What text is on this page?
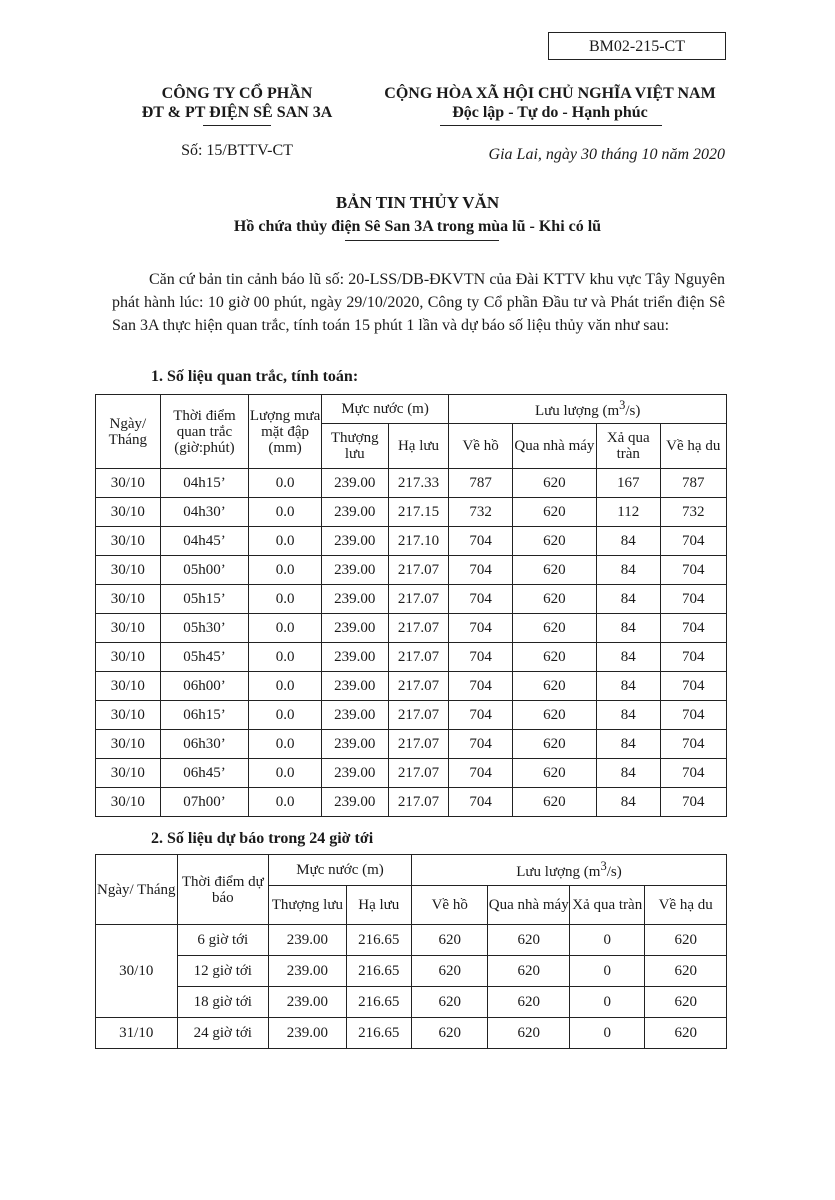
BM02-215-CT
CÔNG TY CỔ PHẦN
ĐT & PT ĐIỆN SÊ SAN 3A
CỘNG HÒA XÃ HỘI CHỦ NGHĨA VIỆT NAM
Độc lập - Tự do - Hạnh phúc
Số: 15/BTTV-CT	Gia Lai, ngày 30 tháng 10 năm 2020
BẢN TIN THỦY VĂN
Hồ chứa thủy điện Sê San 3A trong mùa lũ - Khi có lũ
Căn cứ bản tin cảnh báo lũ số: 20-LSS/DB-ĐKVTN của Đài KTTV khu vực Tây Nguyên phát hành lúc: 10 giờ 00 phút, ngày 29/10/2020, Công ty Cổ phần Đầu tư và Phát triển điện Sê San 3A thực hiện quan trắc, tính toán 15 phút 1 lần và dự báo số liệu thủy văn như sau:
1. Số liệu quan trắc, tính toán:
Ngày/ Tháng	Thời điểm quan trắc (giờ:phút)	Lượng mưa mặt đập (mm)	Mực nước (m)		Lưu lượng $(m^3/s)$			
			Thượng lưu	Hạ lưu	Về hồ	Qua nhà máy	Xả qua tràn	Về hạ du
30/10	04h15’	0.0	239.00	217.33	787	620	167	787
30/10	04h30’	0.0	239.00	217.15	732	620	112	732
30/10	04h45’	0.0	239.00	217.10	704	620	84	704
30/10	05h00’	0.0	239.00	217.07	704	620	84	704
30/10	05h15’	0.0	239.00	217.07	704	620	84	704
30/10	05h30’	0.0	239.00	217.07	704	620	84	704
30/10	05h45’	0.0	239.00	217.07	704	620	84	704
30/10	06h00’	0.0	239.00	217.07	704	620	84	704
30/10	06h15’	0.0	239.00	217.07	704	620	84	704
30/10	06h30’	0.0	239.00	217.07	704	620	84	704
30/10	06h45’	0.0	239.00	217.07	704	620	84	704
30/10	07h00’	0.0	239.00	217.07	704	620	84	704
2. Số liệu dự báo trong 24 giờ tới
Ngày/ Tháng	Thời điểm dự báo	Mực nước (m)		Lưu lượng $(m^3/s)$			
		Thượng lưu	Hạ lưu	Về hồ	Qua nhà máy	Xả qua tràn	Về hạ du
30/10	6 giờ tới	239.00	216.65	620	620	0	620
	12 giờ tới	239.00	216.65	620	620	0	620
	18 giờ tới	239.00	216.65	620	620	0	620
31/10	24 giờ tới	239.00	216.65	620	620	0	620
